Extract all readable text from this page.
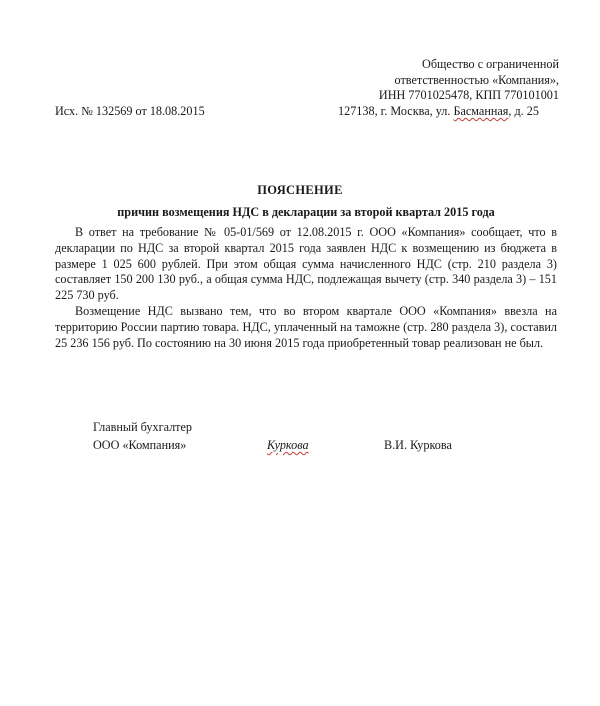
Общество с ограниченной
ответственностью «Компания»,
ИНН 7701025478, КПП 770101001
Исх. № 132569 от 18.08.2015	127138, г. Москва, ул. Басманная, д. 25
ПОЯСНЕНИЕ
причин возмещения НДС в декларации за второй квартал 2015 года

В ответ на требование № 05-01/569 от 12.08.2015 г. ООО «Компания» сообщает, что в декларации по НДС за второй квартал 2015 года заявлен НДС к возмещению из бюджета в размере 1 025 600 рублей. При этом общая сумма начисленного НДС (стр. 210 раздела 3) составляет 150 200 130 руб., а общая сумма НДС, подлежащая вычету (стр. 340 раздела 3) – 151 225 730 руб.

Возмещение НДС вызвано тем, что во втором квартале ООО «Компания» ввезла на территорию России партию товара. НДС, уплаченный на таможне (стр. 280 раздела 3), составил 25 236 156 руб. По состоянию на 30 июня 2015 года приобретенный товар реализован не был.

Главный бухгалтер
ООО «Компания»	Куркова	В.И. Куркова
